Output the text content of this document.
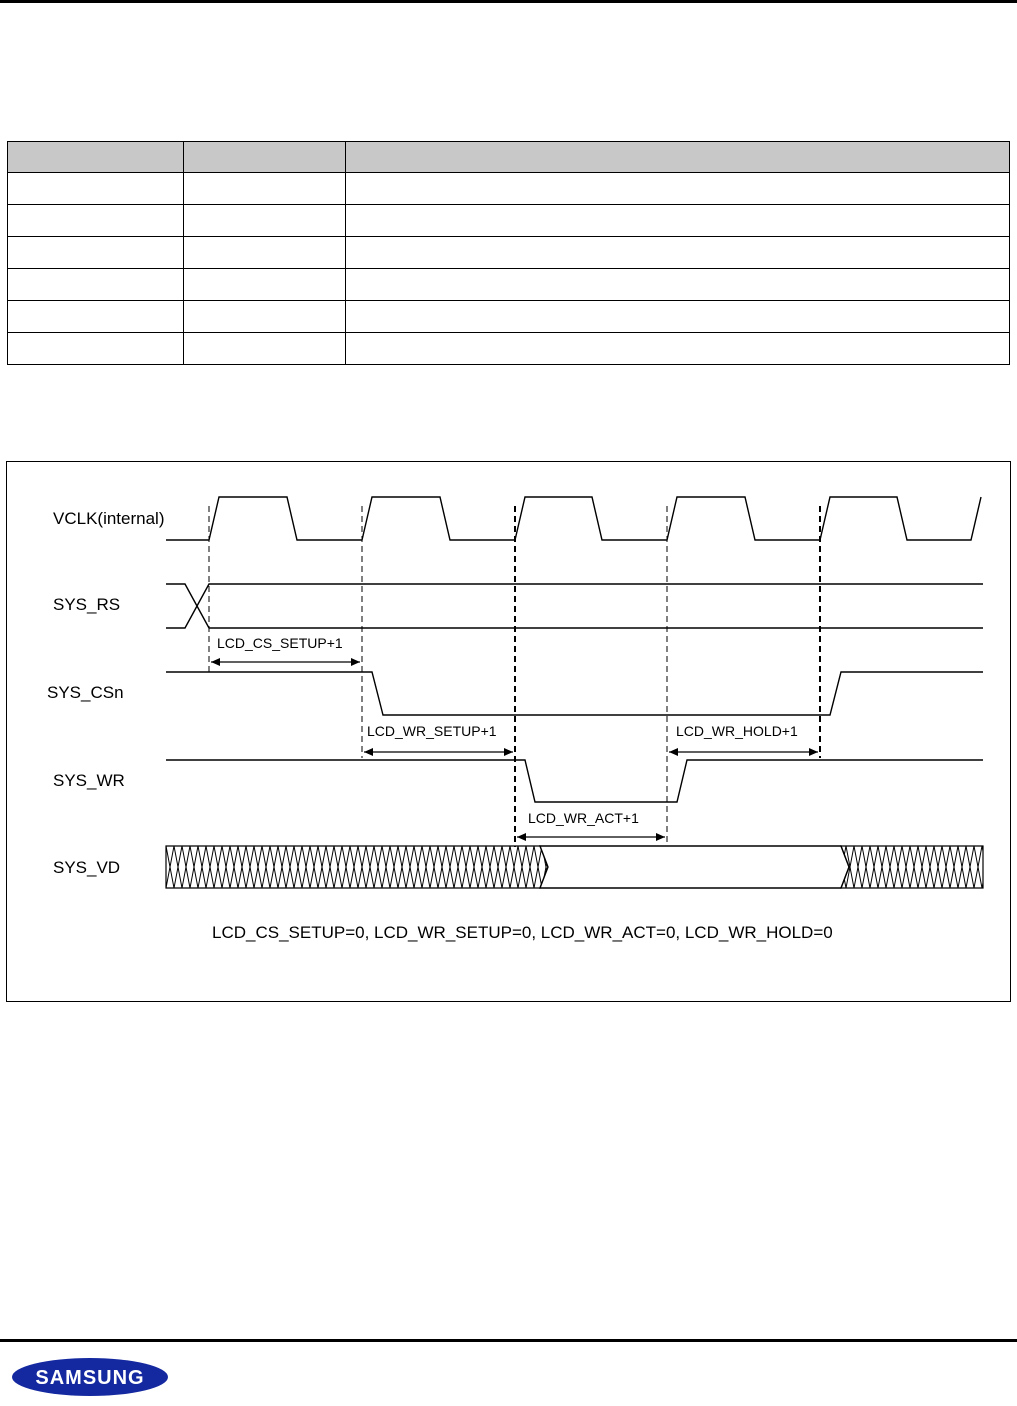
VCLK(internal)
SYS_RS
LCD_CS_SETUP+1
SYS_CSn
LCD_WR_SETUP+1	LCD_WR_HOLD+1
SYS_WR
LCD_WR_ACT+1
SYS_VD
LCD_CS_SETUP=0, LCD_WR_SETUP=0, LCD_WR_ACT=0, LCD_WR_HOLD=0
SAMSUNG
